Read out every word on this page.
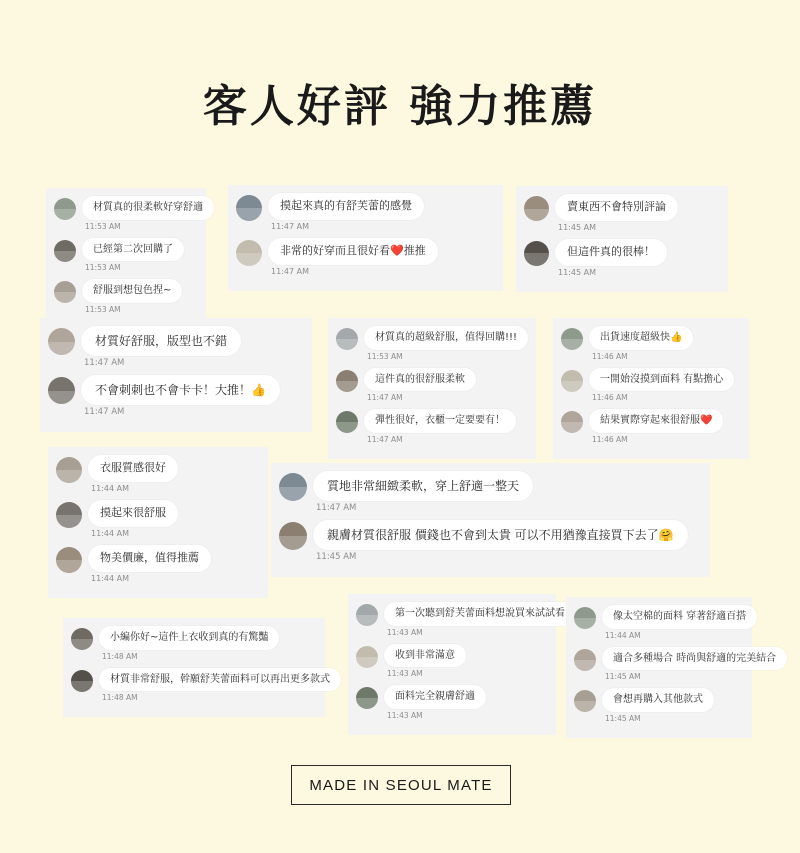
客人好評 強力推薦
材質真的很柔軟好穿舒適
11:53 AM
已經第二次回購了
11:53 AM
舒服到想包色捏~
11:53 AM
摸起來真的有舒芙蕾的感覺
11:47 AM
非常的好穿而且很好看❤️推推
11:47 AM
賣東西不會特別評論
11:45 AM
但這件真的很棒！
11:45 AM
材質好舒服，版型也不錯
11:47 AM
不會刺刺也不會卡卡！大推！👍
11:47 AM
材質真的超級舒服，值得回購!!!
11:53 AM
這件真的很舒服柔軟
11:47 AM
彈性很好，衣櫃一定要要有！
11:47 AM
出貨速度超級快👍
11:46 AM
一開始沒摸到面料 有點擔心
11:46 AM
結果實際穿起來很舒服❤️
11:46 AM
衣服質感很好
11:44 AM
摸起來很舒服
11:44 AM
物美價廉，值得推薦
11:44 AM
質地非常細緻柔軟，穿上舒適一整天
11:47 AM
親膚材質很舒服 價錢也不會到太貴 可以不用猶豫直接買下去了🤗
11:45 AM
小編你好~這件上衣收到真的有驚豔
11:48 AM
材質非常舒服，幹願舒芙蕾面料可以再出更多款式
11:48 AM
第一次聽到舒芙蕾面料想說買來試試看
11:43 AM
收到非常滿意
11:43 AM
面料完全親膚舒適
11:43 AM
像太空棉的面料 穿著舒適百搭
11:44 AM
適合多種場合 時尚與舒適的完美結合
11:45 AM
會想再購入其他款式
11:45 AM
MADE IN SEOUL MATE
